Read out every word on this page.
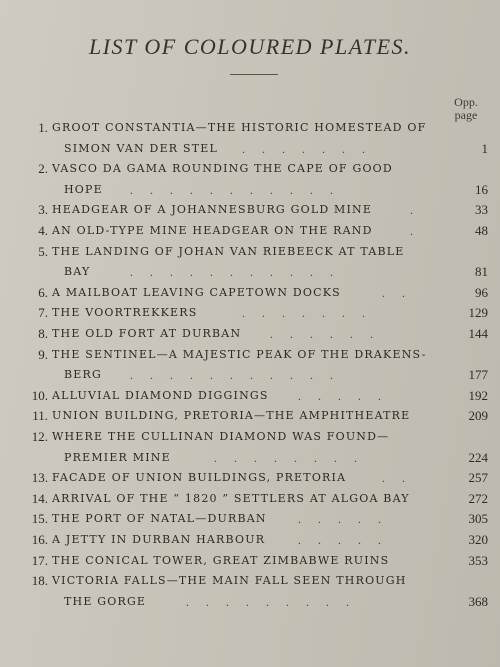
LIST OF COLOURED PLATES.
Opp.
page
1. GROOT CONSTANTIA—THE HISTORIC HOMESTEAD OF
SIMON VAN DER STEL . . . . . . .	1
2. VASCO DA GAMA ROUNDING THE CAPE OF GOOD
HOPE . . . . . . . . . . .	16
3. HEADGEAR OF A JOHANNESBURG GOLD MINE	.	33
4. AN OLD-TYPE MINE HEADGEAR ON THE RAND	.	48
5. THE LANDING OF JOHAN VAN RIEBEECK AT TABLE
BAY	. . . . . . . . . . .	81
6. A MAILBOAT LEAVING CAPETOWN DOCKS	. .	96
7. THE VOORTREKKERS	. . . . . . .	129
8. THE OLD FORT AT DURBAN . . . . . .	144
9. THE SENTINEL—A MAJESTIC PEAK OF THE DRAKENS-
BERG . . . . . . . . . . .	177
10. ALLUVIAL DIAMOND DIGGINGS . . . . .	192
11. UNION BUILDING, PRETORIA—THE AMPHITHEATRE	209
12. WHERE THE CULLINAN DIAMOND WAS FOUND—
PREMIER MINE	. . . . . . . .	224
13. FACADE OF UNION BUILDINGS, PRETORIA	. .	257
14. ARRIVAL OF THE “ 1820 ” SETTLERS AT ALGOA BAY	272
15. THE PORT OF NATAL—DURBAN	. . . . .	305
16. A JETTY IN DURBAN HARBOUR	. . . . .	320
17. THE CONICAL TOWER, GREAT ZIMBABWE RUINS	353
18. VICTORIA FALLS—THE MAIN FALL SEEN THROUGH
THE GORGE	. . . . . . . . .	368
